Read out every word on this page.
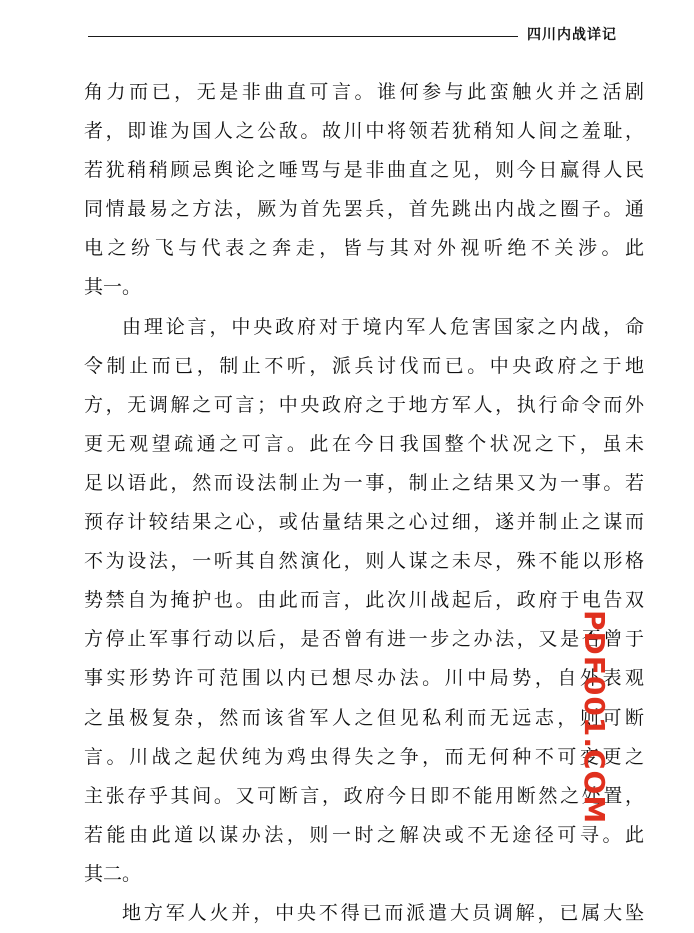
四川内战详记
角力而已，无是非曲直可言。谁何参与此蛮触火并之活剧
者，即谁为国人之公敌。故川中将领若犹稍知人间之羞耻，
若犹稍稍顾忌舆论之唾骂与是非曲直之见，则今日赢得人民
同情最易之方法，厥为首先罢兵，首先跳出内战之圈子。通
电之纷飞与代表之奔走，皆与其对外视听绝不关涉。此
其一。
由理论言，中央政府对于境内军人危害国家之内战，命
令制止而已，制止不听，派兵讨伐而已。中央政府之于地
方，无调解之可言；中央政府之于地方军人，执行命令而外
更无观望疏通之可言。此在今日我国整个状况之下，虽未
足以语此，然而设法制止为一事，制止之结果又为一事。若
预存计较结果之心，或估量结果之心过细，遂并制止之谋而
不为设法，一听其自然演化，则人谋之未尽，殊不能以形格
势禁自为掩护也。由此而言，此次川战起后，政府于电告双
方停止军事行动以后，是否曾有进一步之办法，又是否曾于
事实形势许可范围以内已想尽办法。川中局势，自外表观
之虽极复杂，然而该省军人之但见私利而无远志，则可断
言。川战之起伏纯为鸡虫得失之争，而无何种不可变更之
主张存乎其间。又可断言，政府今日即不能用断然之处置，
若能由此道以谋办法，则一时之解决或不无途径可寻。此
其二。
地方军人火并，中央不得已而派遣大员调解，已属大坠
PDF001.COM
